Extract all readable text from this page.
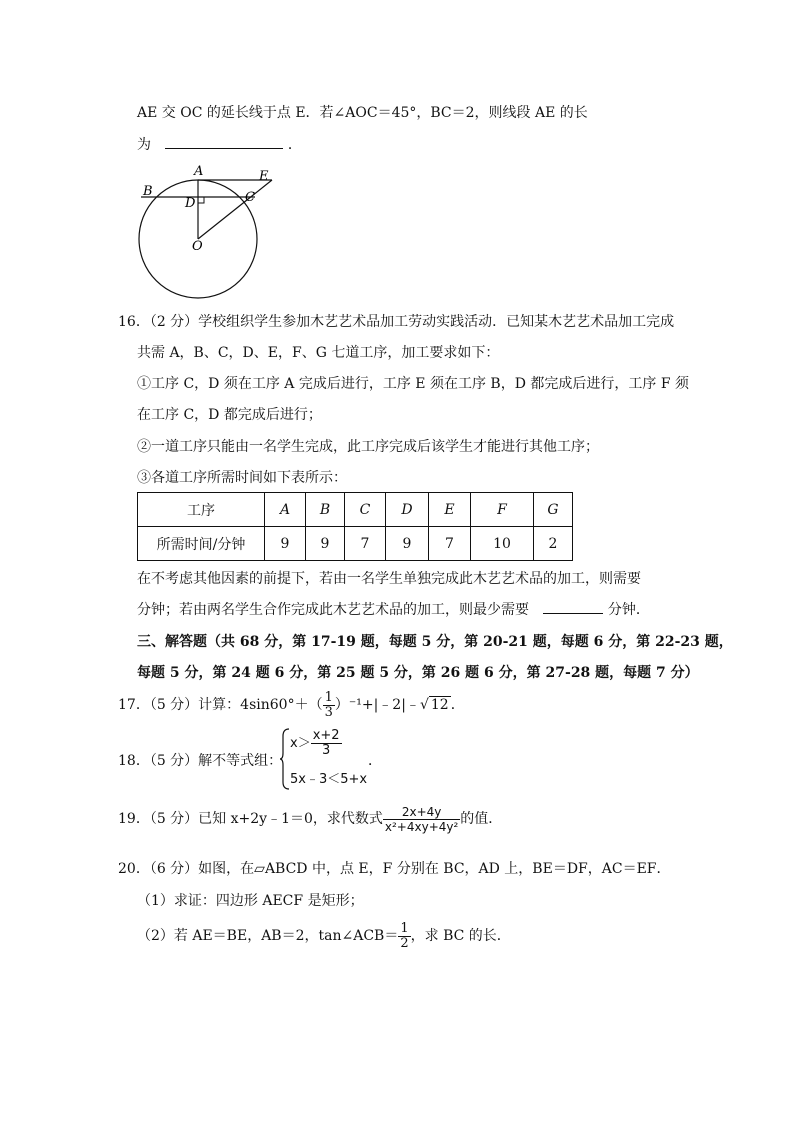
AE 交 OC 的延长线于点 E．若∠AOC＝45°，BC＝2，则线段 AE 的长
为	．
A	E
B	C
D
O
16．（2 分）学校组织学生参加木艺艺术品加工劳动实践活动．已知某木艺艺术品加工完成
共需 A，B、C，D、E，F、G 七道工序，加工要求如下：
①工序 C，D 须在工序 A 完成后进行，工序 E 须在工序 B，D 都完成后进行，工序 F 须
在工序 C，D 都完成后进行；
②一道工序只能由一名学生完成，此工序完成后该学生才能进行其他工序；
③各道工序所需时间如下表所示：
工序	A	B	C	D	E	F	G
所需时间/分钟	9	9	7	9	7	10	2
在不考虑其他因素的前提下，若由一名学生单独完成此木艺艺术品的加工，则需要
分钟；若由两名学生合作完成此木艺艺术品的加工，则最少需要	分钟．
三、解答题（共 68 分，第 17-19 题，每题 5 分，第 20-21 题，每题 6 分，第 22-23 题，
每题 5 分，第 24 题 6 分，第 25 题 5 分，第 26 题 6 分，第 27-28 题，每题 7 分）
17．（5 分）计算：$4\sin 60^\circ+( \frac{1}{3}$ ）⁻¹+|﹣2|﹣√ 12 ．
18．（5 分）解不等式组：
$x> \frac{x+2}{3}$
5x﹣3＜5+x
．
19．（5 分）已知 x+2y﹣1＝0，求代数式 $\frac{2x+4y}{\text{x²+4xy+4y²}}$ 的值．
20．（6 分）如图，在▱ABCD 中，点 E，F 分别在 BC，AD 上，BE＝DF，AC＝EF．
（1）求证：四边形 AECF 是矩形；
（2）若 AE＝BE，AB＝2，tan∠ACB＝ $\frac{1}{2}$ ，求 BC 的长．
